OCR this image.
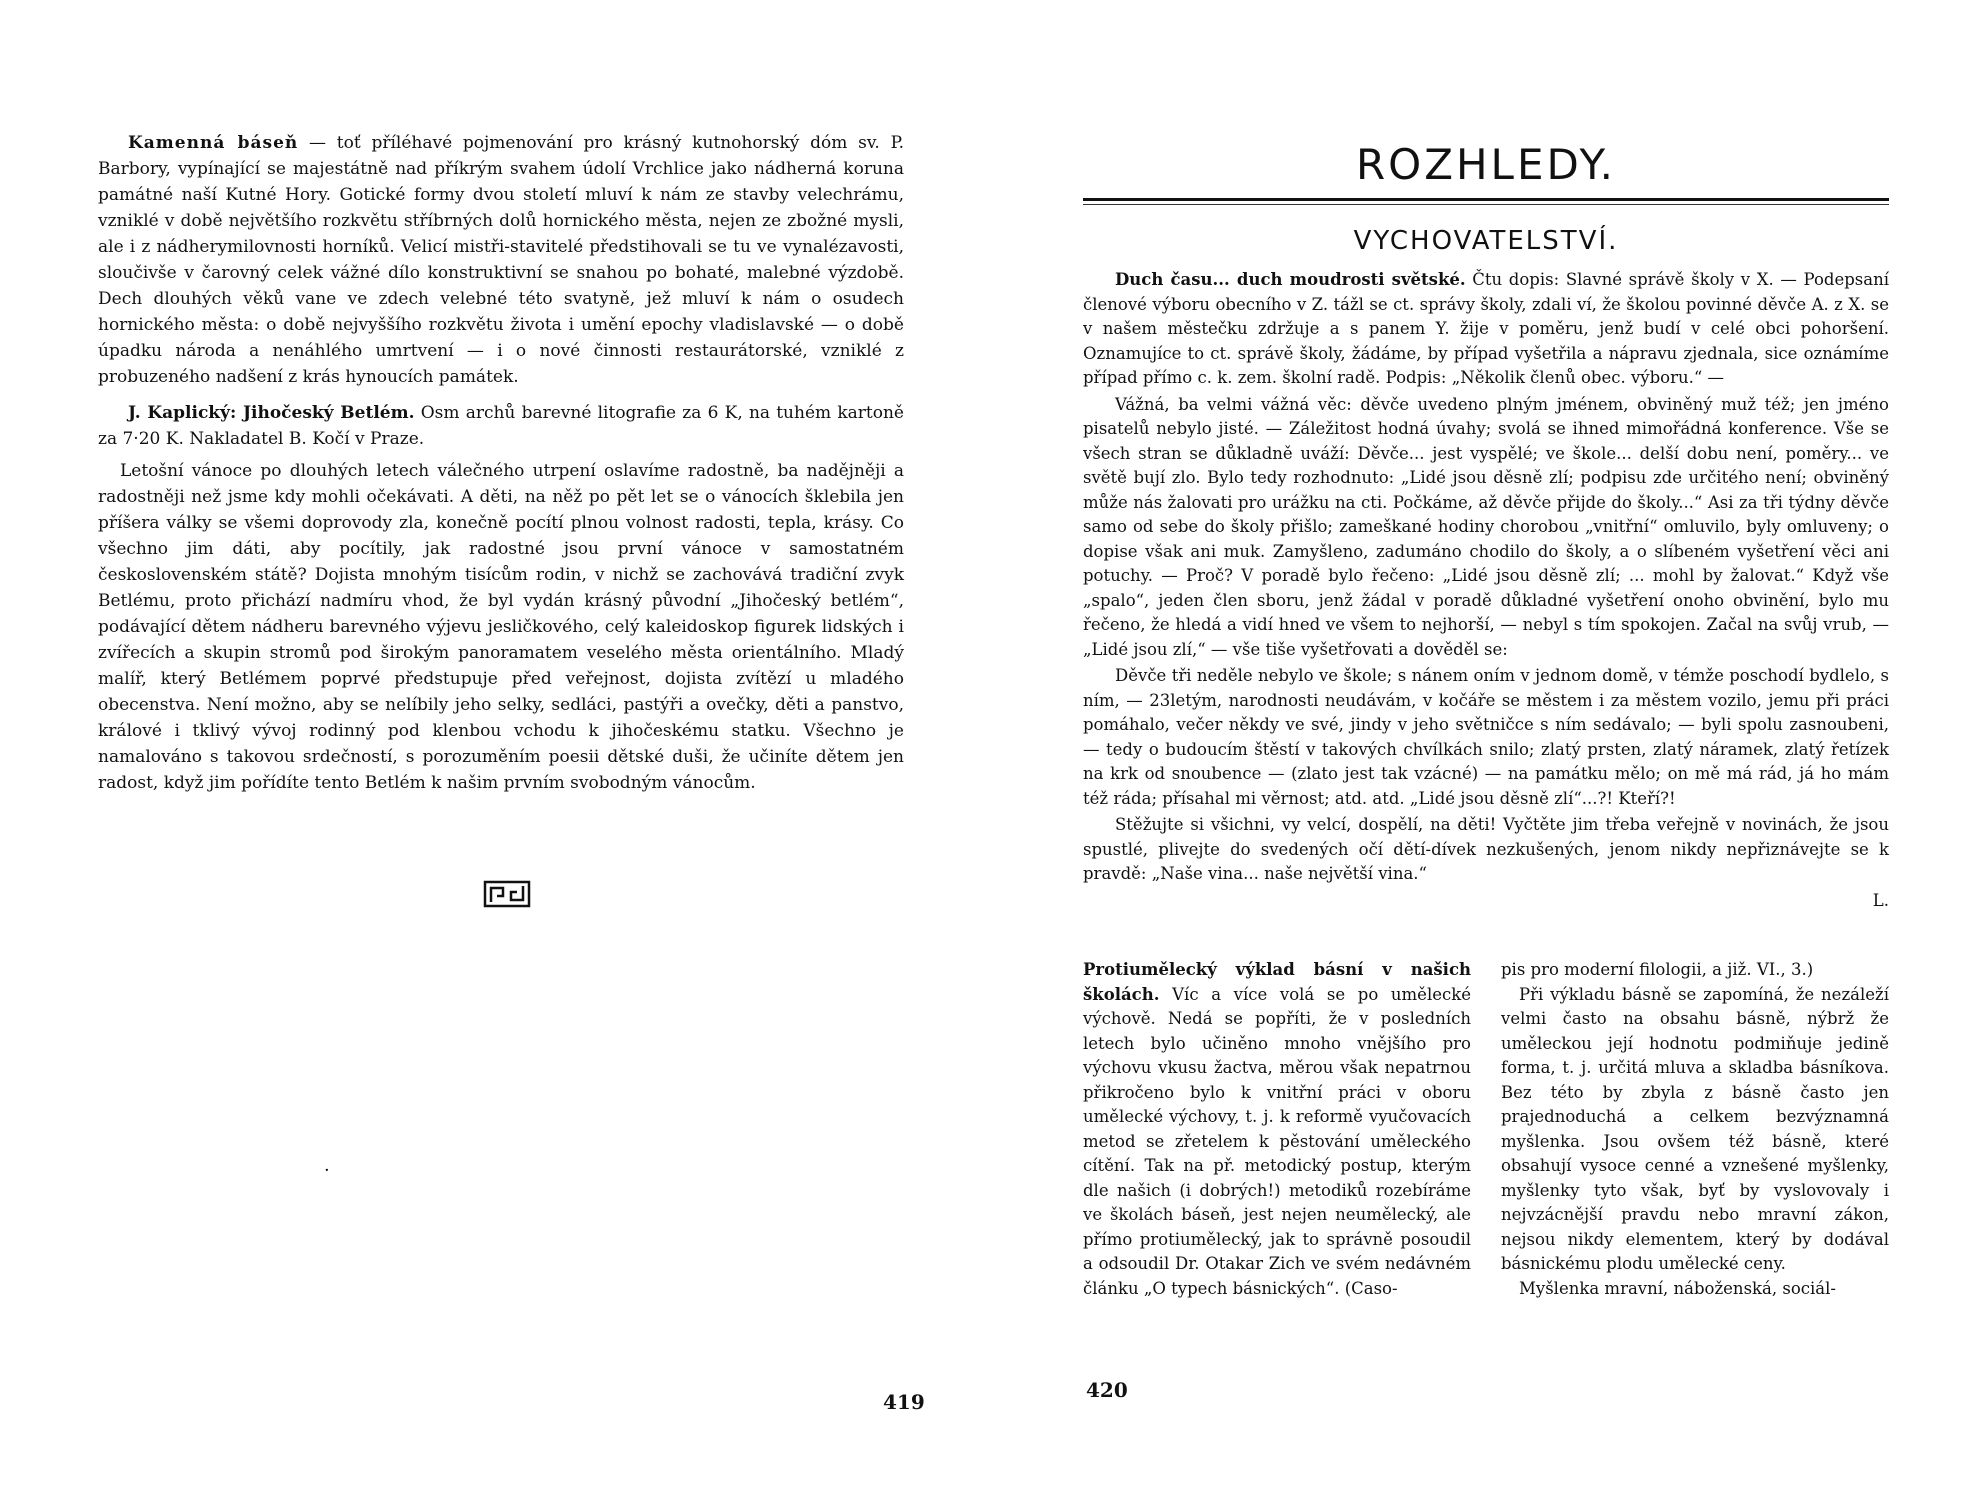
Kamenná báseň — toť příléhavé pojmenování pro krásný kutnohorský dóm sv. P. Barbory, vypínající se majestátně nad příkrým svahem údolí Vrchlice jako nádherná koruna památné naší Kutné Hory. Gotické formy dvou století mluví k nám ze stavby velechrámu, vzniklé v době největšího rozkvětu stříbrných dolů hornického města, nejen ze zbožné mysli, ale i z nádherymilovnosti horníků. Velicí mistři-stavitelé předstihovali se tu ve vynalézavosti, sloučivše v čarovný celek vážné dílo konstruktivní se snahou po bohaté, malebné výzdobě. Dech dlouhých věků vane ve zdech velebné této svatyně, jež mluví k nám o osudech hornického města: o době nejvyššího rozkvětu života i umění epochy vladislavské — o době úpadku národa a nenáhlého umrtvení — i o nové činnosti restaurátorské, vzniklé z probuzeného nadšení z krás hynoucích památek.

J. Kaplický: Jihočeský Betlém. Osm archů barevné litografie za 6 K, na tuhém kartoně za 7·20 K. Nakladatel B. Kočí v Praze.

Letošní vánoce po dlouhých letech válečného utrpení oslavíme radostně, ba nadějněji a radostněji než jsme kdy mohli očekávati. A děti, na něž po pět let se o vánocích šklebila jen příšera války se všemi doprovody zla, konečně pocítí plnou volnost radosti, tepla, krásy. Co všechno jim dáti, aby pocítily, jak radostné jsou první vánoce v samostatném československém státě? Dojista mnohým tisícům rodin, v nichž se zachovává tradiční zvyk Betlému, proto přichází nadmíru vhod, že byl vydán krásný původní „Jihočeský betlém“, podávající dětem nádheru barevného výjevu jesličkového, celý kaleidoskop figurek lidských i zvířecích a skupin stromů pod širokým panoramatem veselého města orientálního. Mladý malíř, který Betlémem poprvé předstupuje před veřejnost, dojista zvítězí u mladého obecenstva. Není možno, aby se nelíbily jeho selky, sedláci, pastýři a ovečky, děti a panstvo, králové i tklivý vývoj rodinný pod klenbou vchodu k jihočeskému statku. Všechno je namalováno s takovou srdečností, s porozuměním poesii dětské duši, že učiníte dětem jen radost, když jim pořídíte tento Betlém k našim prvním svobodným vánocům.

·
419
ROZHLEDY.
VYCHOVATELSTVÍ.

Duch času... duch moudrosti světské. Čtu dopis: Slavné správě školy v X. — Podepsaní členové výboru obecního v Z. tážl se ct. správy školy, zdali ví, že školou povinné děvče A. z X. se v našem městečku zdržuje a s panem Y. žije v poměru, jenž budí v celé obci pohoršení. Oznamujíce to ct. správě školy, žádáme, by případ vyšetřila a nápravu zjednala, sice oznámíme případ přímo c. k. zem. školní radě. Podpis: „Několik členů obec. výboru.“ —

Vážná, ba velmi vážná věc: děvče uvedeno plným jménem, obviněný muž též; jen jméno pisatelů nebylo jisté. — Záležitost hodná úvahy; svolá se ihned mimořádná konference. Vše se všech stran se důkladně uváží: Děvče... jest vyspělé; ve škole... delší dobu není, poměry... ve světě bují zlo. Bylo tedy rozhodnuto: „Lidé jsou děsně zlí; podpisu zde určitého není; obviněný může nás žalovati pro urážku na cti. Počkáme, až děvče přijde do školy...“ Asi za tři týdny děvče samo od sebe do školy přišlo; zameškané hodiny chorobou „vnitřní“ omluvilo, byly omluveny; o dopise však ani muk. Zamyšleno, zadumáno chodilo do školy, a o slíbeném vyšetření věci ani potuchy. — Proč? V poradě bylo řečeno: „Lidé jsou děsně zlí; ... mohl by žalovat.“ Když vše „spalo“, jeden člen sboru, jenž žádal v poradě důkladné vyšetření onoho obvinění, bylo mu řečeno, že hledá a vidí hned ve všem to nejhorší, — nebyl s tím spokojen. Začal na svůj vrub, — „Lidé jsou zlí,“ — vše tiše vyšetřovati a dověděl se:

Děvče tři neděle nebylo ve škole; s nánem oním v jednom domě, v témže poschodí bydlelo, s ním, — 23letým, narodnosti neudávám, v kočáře se městem i za městem vozilo, jemu při práci pomáhalo, večer někdy ve své, jindy v jeho světničce s ním sedávalo; — byli spolu zasnoubeni, — tedy o budoucím štěstí v takových chvílkách snilo; zlatý prsten, zlatý náramek, zlatý řetízek na krk od snoubence — (zlato jest tak vzácné) — na památku mělo; on mě má rád, já ho mám též ráda; přísahal mi věrnost; atd. atd. „Lidé jsou děsně zlí“...?! Kteří?!

Stěžujte si všichni, vy velcí, dospělí, na děti! Vyčtěte jim třeba veřejně v novinách, že jsou spustlé, plivejte do svedených očí dětí-dívek nezkušených, jenom nikdy nepřiznávejte se k pravdě: „Naše vina... naše největší vina.“

L.

Protiumělecký výklad básní v našich školách. Víc a více volá se po umělecké výchově. Nedá se popříti, že v posledních letech bylo učiněno mnoho vnějšího pro výchovu vkusu žactva, měrou však nepatrnou přikročeno bylo k vnitřní práci v oboru umělecké výchovy, t. j. k reformě vyučovacích metod se zřetelem k pěstování uměleckého cítění. Tak na př. metodický postup, kterým dle našich (i dobrých!) metodiků rozebíráme ve školách báseň, jest nejen neumělecký, ale přímo protiumělecký, jak to správně posoudil a odsoudil Dr. Otakar Zich ve svém nedávném článku „O typech básnických“. (Caso-

pis pro moderní filologii, a již. VI., 3.)

Při výkladu básně se zapomíná, že nezáleží velmi často na obsahu básně, nýbrž že uměleckou její hodnotu podmiňuje jedině forma, t. j. určitá mluva a skladba básníkova. Bez této by zbyla z básně často jen prajednoduchá a celkem bezvýznamná myšlenka. Jsou ovšem též básně, které obsahují vysoce cenné a vznešené myšlenky, myšlenky tyto však, byť by vyslovovaly i nejvzácnější pravdu nebo mravní zákon, nejsou nikdy elementem, který by dodával básnickému plodu umělecké ceny.

Myšlenka mravní, náboženská, sociál-

420
